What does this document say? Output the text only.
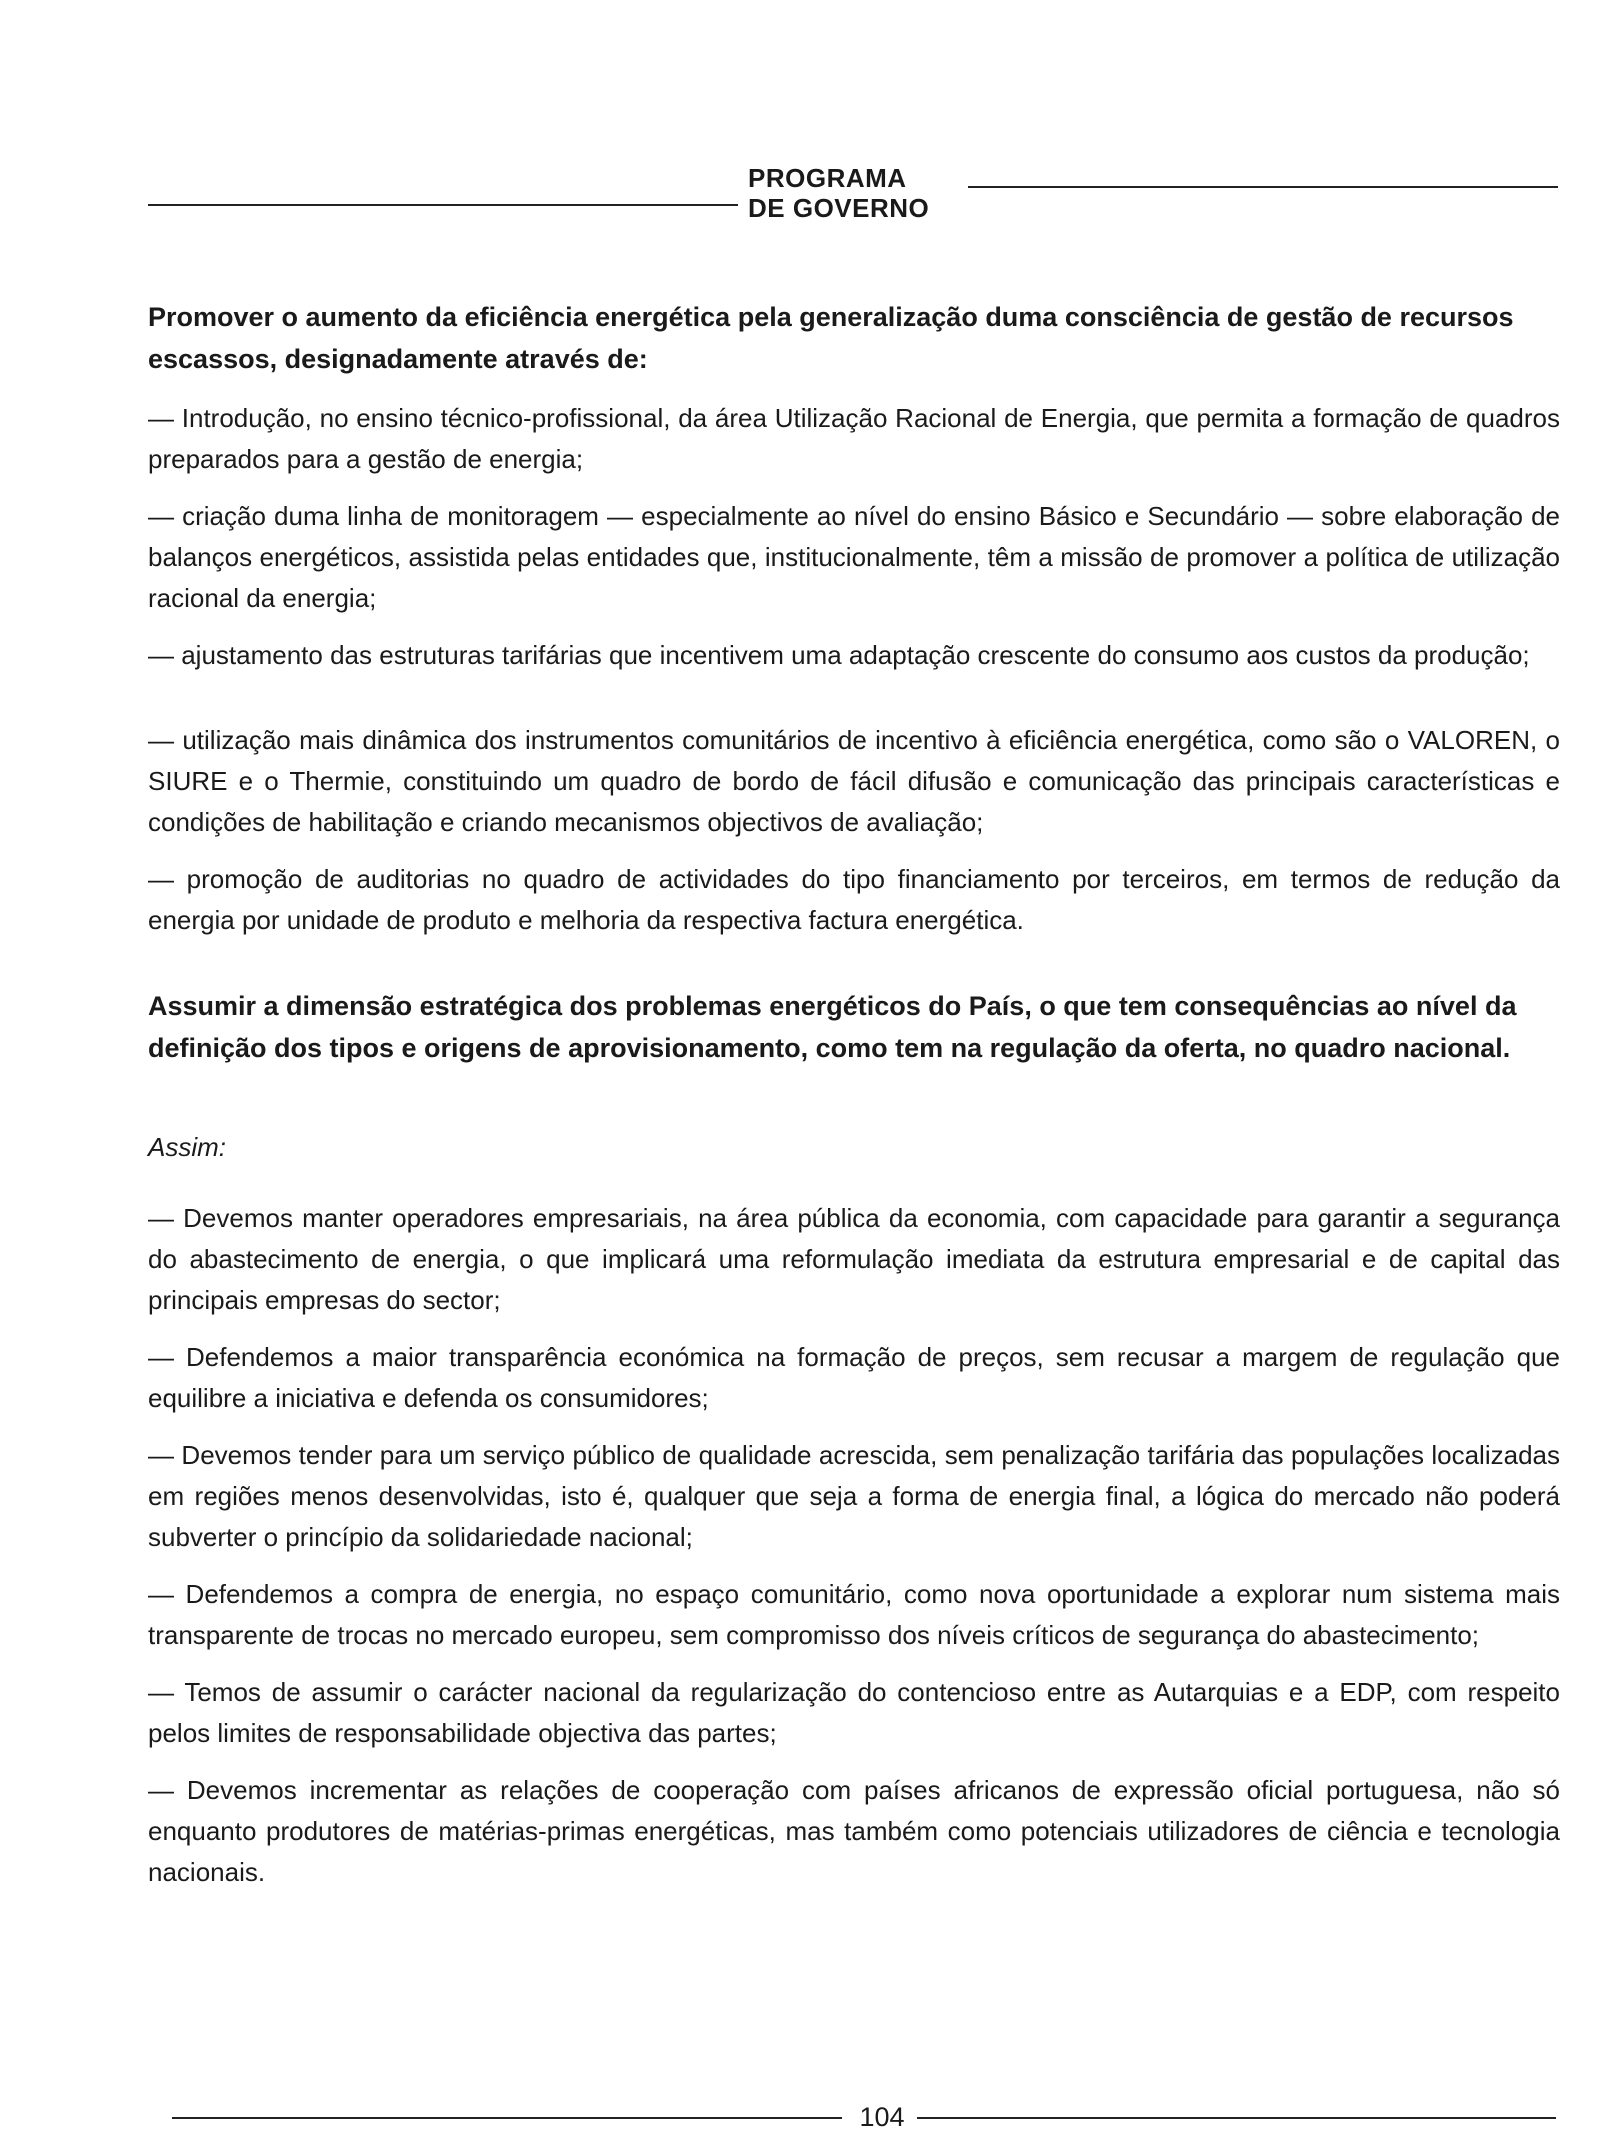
PROGRAMA
DE GOVERNO

Promover o aumento da eficiência energética pela generalização duma consciência de gestão de recursos escassos, designadamente através de:

— Introdução, no ensino técnico-profissional, da área Utilização Racional de Energia, que permita a formação de quadros preparados para a gestão de energia;

— criação duma linha de monitoragem — especialmente ao nível do ensino Básico e Secundário — sobre elaboração de balanços energéticos, assistida pelas entidades que, institucionalmente, têm a missão de promover a política de utilização racional da energia;

— ajustamento das estruturas tarifárias que incentivem uma adaptação crescente do consumo aos custos da produção;

— utilização mais dinâmica dos instrumentos comunitários de incentivo à eficiência energética, como são o VALOREN, o SIURE e o Thermie, constituindo um quadro de bordo de fácil difusão e comunicação das principais características e condições de habilitação e criando mecanismos objectivos de avaliação;

— promoção de auditorias no quadro de actividades do tipo financiamento por terceiros, em termos de redução da energia por unidade de produto e melhoria da respectiva factura energética.

Assumir a dimensão estratégica dos problemas energéticos do País, o que tem consequências ao nível da definição dos tipos e origens de aprovisionamento, como tem na regulação da oferta, no quadro nacional.

Assim:

— Devemos manter operadores empresariais, na área pública da economia, com capacidade para garantir a segurança do abastecimento de energia, o que implicará uma reformulação imediata da estrutura empresarial e de capital das principais empresas do sector;

— Defendemos a maior transparência económica na formação de preços, sem recusar a margem de regulação que equilibre a iniciativa e defenda os consumidores;

— Devemos tender para um serviço público de qualidade acrescida, sem penalização tarifária das populações localizadas em regiões menos desenvolvidas, isto é, qualquer que seja a forma de energia final, a lógica do mercado não poderá subverter o princípio da solidariedade nacional;

— Defendemos a compra de energia, no espaço comunitário, como nova oportunidade a explorar num sistema mais transparente de trocas no mercado europeu, sem compromisso dos níveis críticos de segurança do abastecimento;

— Temos de assumir o carácter nacional da regularização do contencioso entre as Autarquias e a EDP, com respeito pelos limites de responsabilidade objectiva das partes;

— Devemos incrementar as relações de cooperação com países africanos de expressão oficial portuguesa, não só enquanto produtores de matérias-primas energéticas, mas também como potenciais utilizadores de ciência e tecnologia nacionais.

104
